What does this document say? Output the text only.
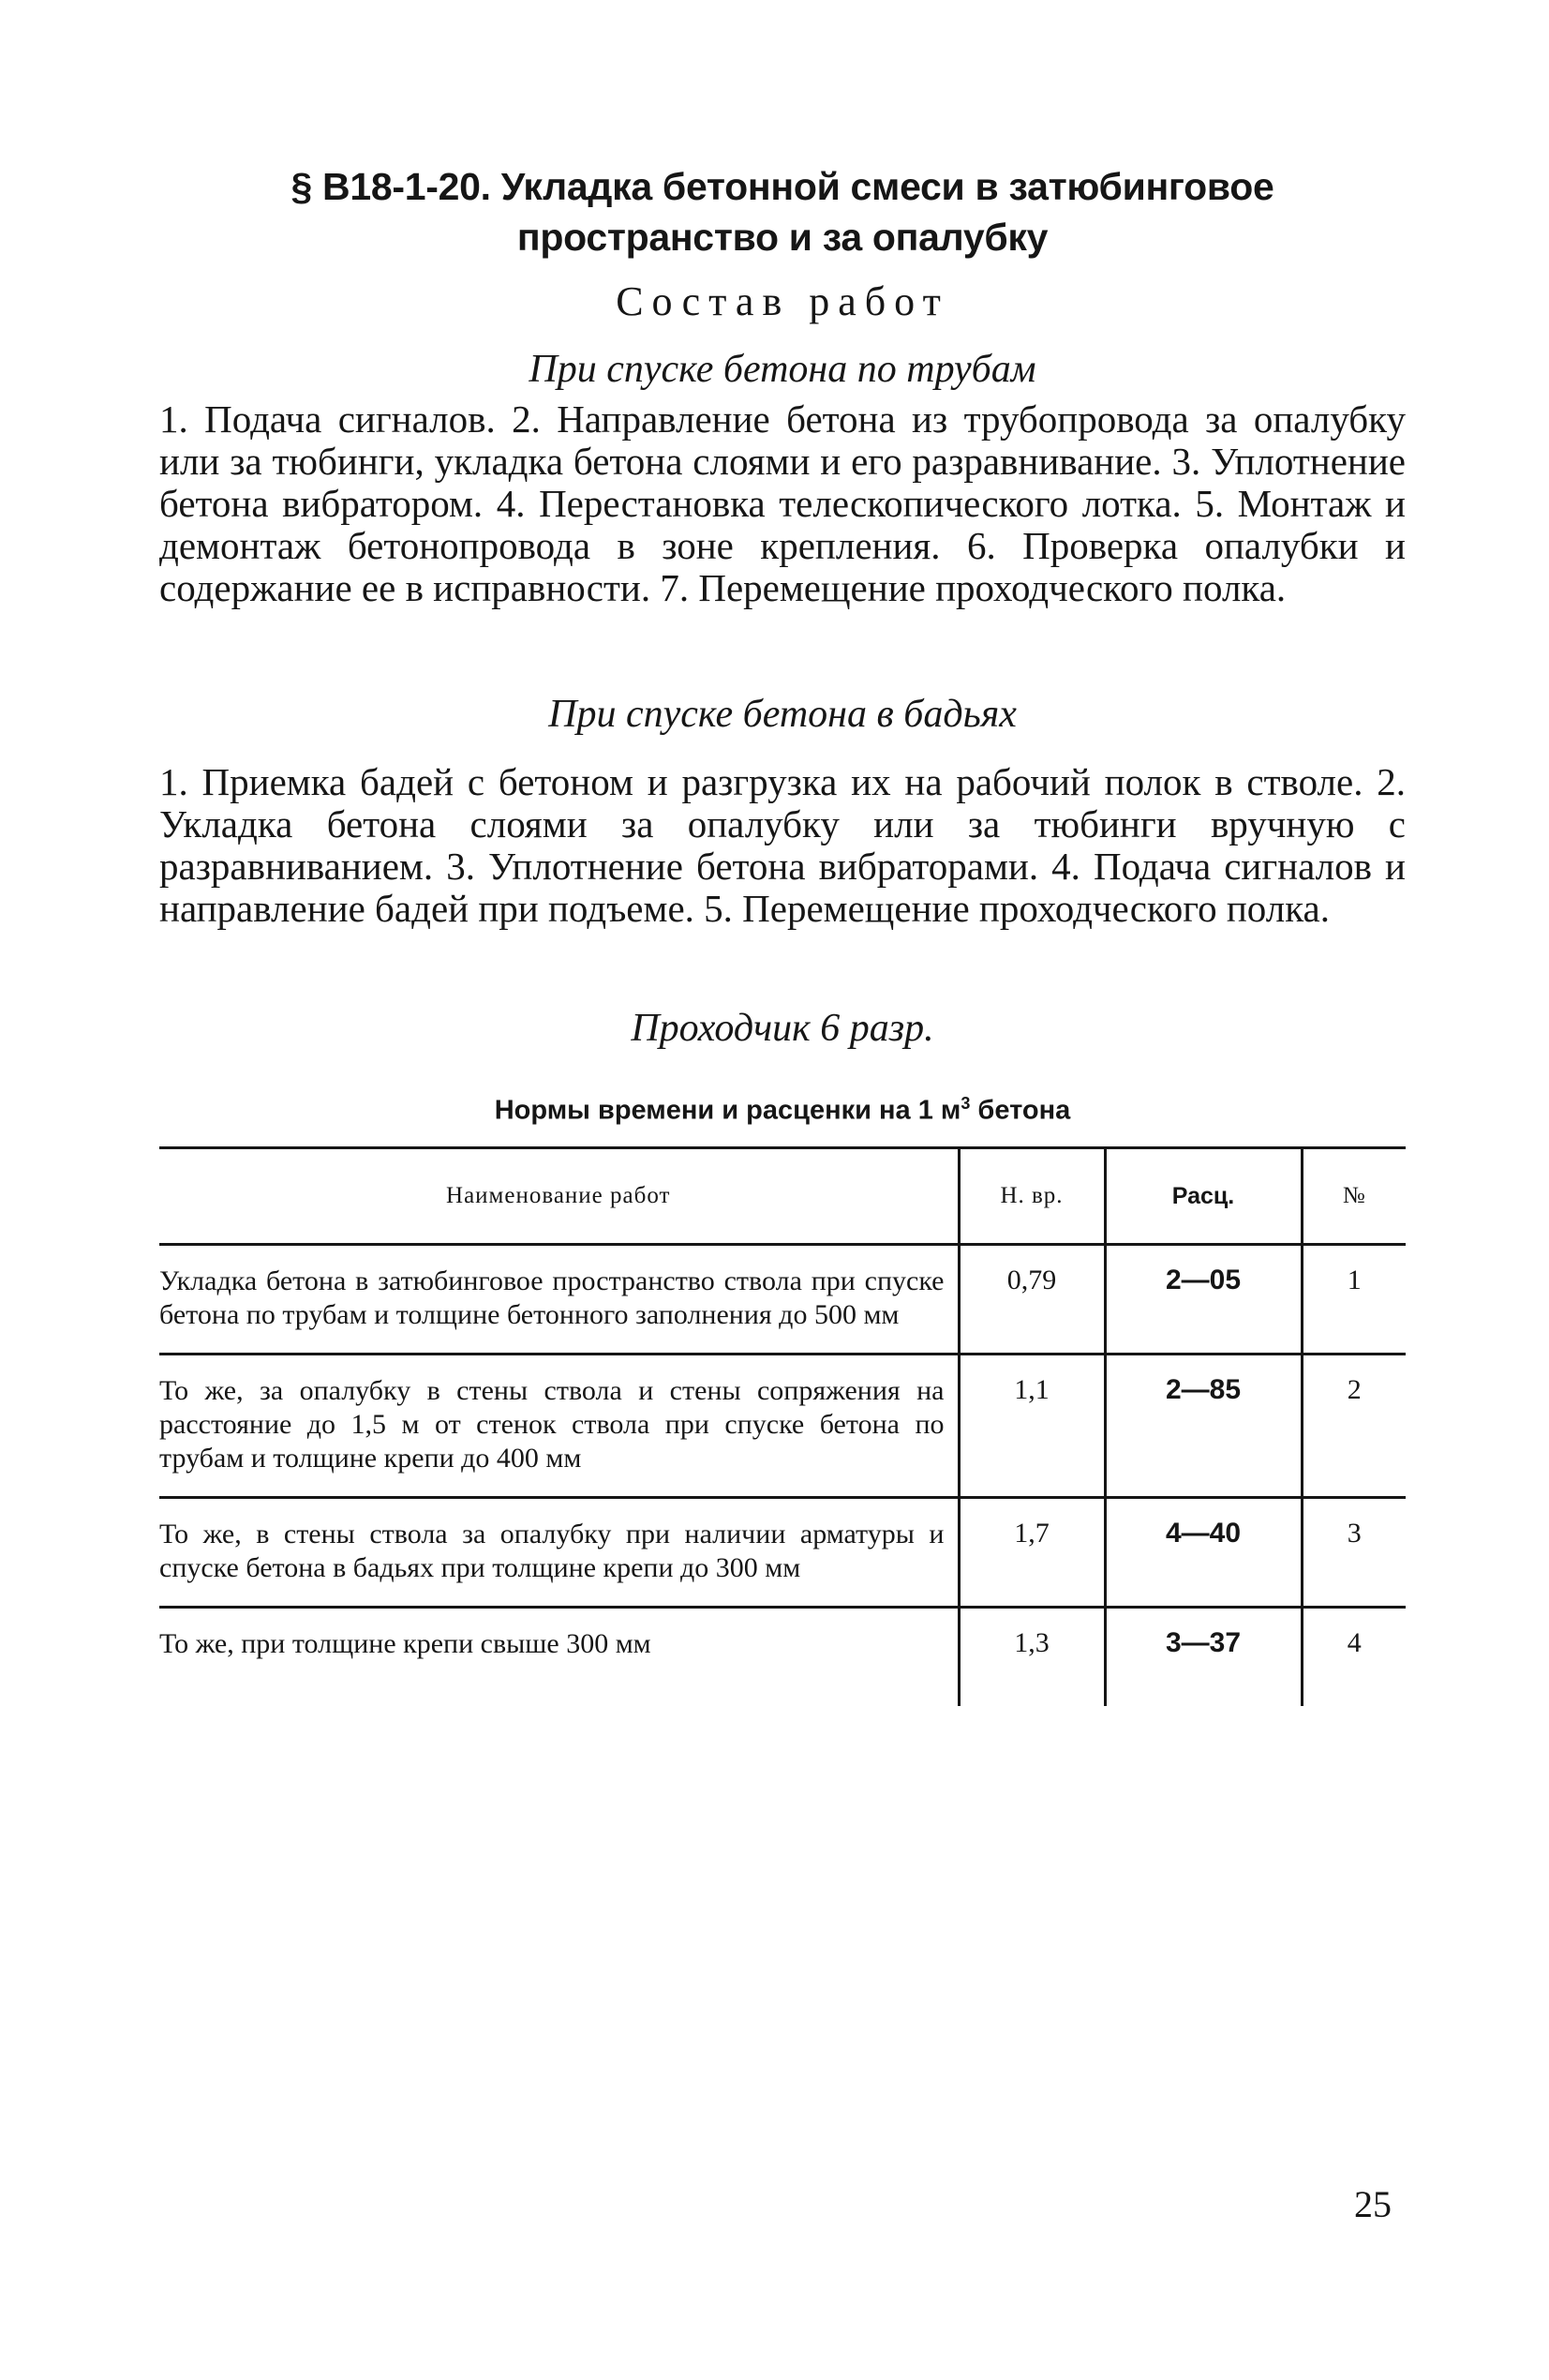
§ В18-1-20. Укладка бетонной смеси в затюбинговое
пространство и за опалубку
Состав работ
При спуске бетона по трубам

1. Подача сигналов. 2. Направление бетона из трубопровода за опалубку или за тюбинги, укладка бетона слоями и его разравнивание. 3. Уплотнение бетона вибратором. 4. Перестановка телескопического лотка. 5. Монтаж и демонтаж бетонопровода в зоне крепления. 6. Проверка опалубки и содержание ее в исправности. 7. Перемещение проходческого полка.

При спуске бетона в бадьях

1. Приемка бадей с бетоном и разгрузка их на рабочий полок в стволе. 2. Укладка бетона слоями за опалубку или за тюбинги вручную с разравниванием. 3. Уплотнение бетона вибраторами. 4. Подача сигналов и направление бадей при подъеме. 5. Перемещение проходческого полка.

Проходчик 6 разр.
Нормы времени и расценки на 1 $м^3$ бетона
Наименование работ	Н. вр.	Расц.	№
Укладка бетона в затюбинговое пространство ствола при спуске бетона по трубам и толщине бетонного заполнения до 500 мм	0,79	2—05	1
То же, за опалубку в стены ствола и стены сопряжения на расстояние до 1,5 м от стенок ствола при спуске бетона по трубам и толщине крепи до 400 мм	1,1	2—85	2
То же, в стены ствола за опалубку при наличии арматуры и спуске бетона в бадьях при толщине крепи до 300 мм	1,7	4—40	3
То же, при толщине крепи свыше 300 мм	1,3	3—37	4
25
